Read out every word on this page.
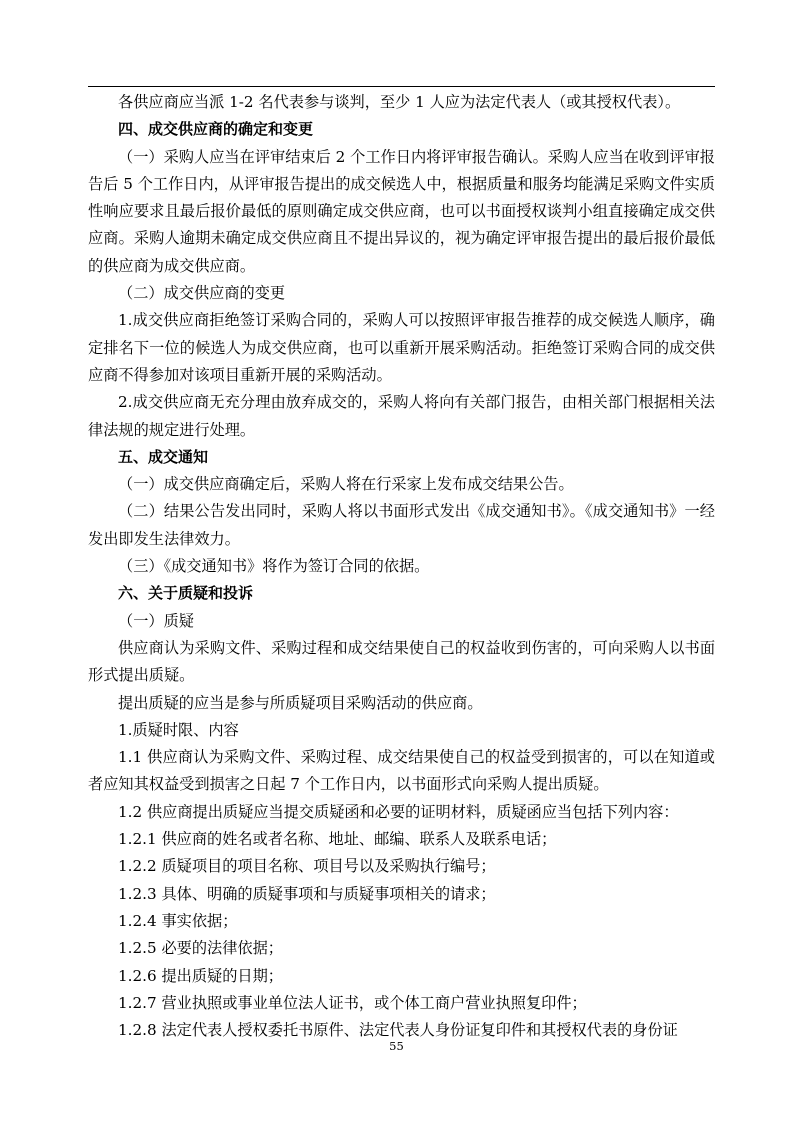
各供应商应当派 1-2 名代表参与谈判，至少 1 人应为法定代表人（或其授权代表）。

四、成交供应商的确定和变更

（一）采购人应当在评审结束后 2 个工作日内将评审报告确认。采购人应当在收到评审报告后 5 个工作日内，从评审报告提出的成交候选人中，根据质量和服务均能满足采购文件实质性响应要求且最后报价最低的原则确定成交供应商，也可以书面授权谈判小组直接确定成交供应商。采购人逾期未确定成交供应商且不提出异议的，视为确定评审报告提出的最后报价最低的供应商为成交供应商。

（二）成交供应商的变更

1.成交供应商拒绝签订采购合同的，采购人可以按照评审报告推荐的成交候选人顺序，确定排名下一位的候选人为成交供应商，也可以重新开展采购活动。拒绝签订采购合同的成交供应商不得参加对该项目重新开展的采购活动。

2.成交供应商无充分理由放弃成交的，采购人将向有关部门报告，由相关部门根据相关法律法规的规定进行处理。

五、成交通知

（一）成交供应商确定后，采购人将在行采家上发布成交结果公告。

（二）结果公告发出同时，采购人将以书面形式发出《成交通知书》。《成交通知书》一经发出即发生法律效力。

（三）《成交通知书》将作为签订合同的依据。

六、关于质疑和投诉

（一）质疑

供应商认为采购文件、采购过程和成交结果使自己的权益收到伤害的，可向采购人以书面形式提出质疑。

提出质疑的应当是参与所质疑项目采购活动的供应商。

1.质疑时限、内容

1.1 供应商认为采购文件、采购过程、成交结果使自己的权益受到损害的，可以在知道或者应知其权益受到损害之日起 7 个工作日内，以书面形式向采购人提出质疑。

1.2 供应商提出质疑应当提交质疑函和必要的证明材料，质疑函应当包括下列内容：

1.2.1 供应商的姓名或者名称、地址、邮编、联系人及联系电话；

1.2.2 质疑项目的项目名称、项目号以及采购执行编号；

1.2.3 具体、明确的质疑事项和与质疑事项相关的请求；

1.2.4 事实依据；

1.2.5 必要的法律依据；

1.2.6 提出质疑的日期；

1.2.7 营业执照或事业单位法人证书，或个体工商户营业执照复印件；

1.2.8 法定代表人授权委托书原件、法定代表人身份证复印件和其授权代表的身份证

55
